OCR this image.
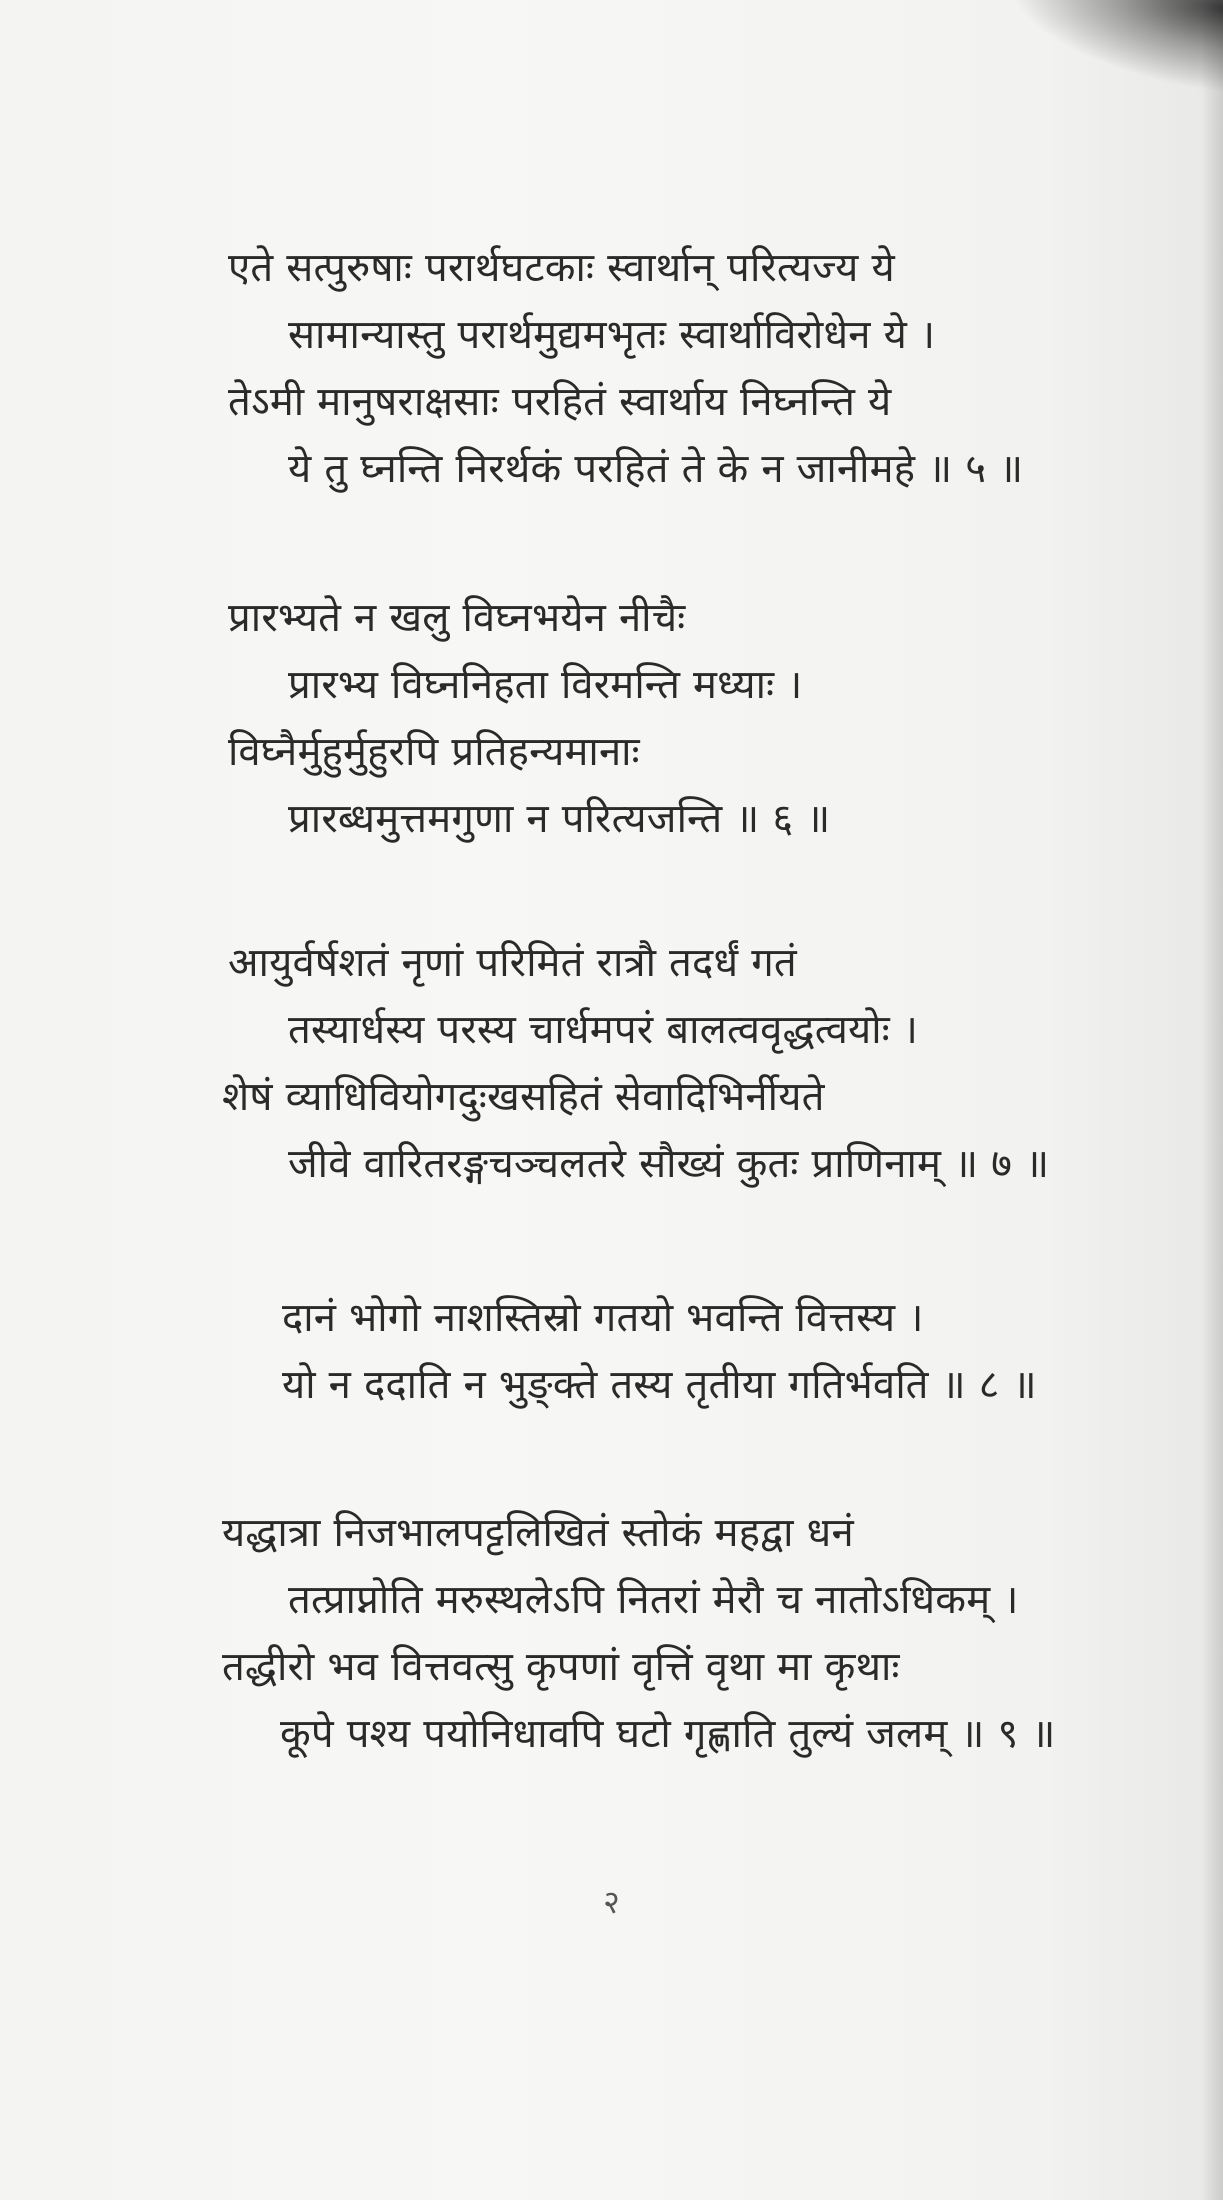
एते सत्पुरुषाः परार्थघटकाः स्वार्थान् परित्यज्य ये
सामान्यास्तु परार्थमुद्यमभृतः स्वार्थाविरोधेन ये ।
तेऽमी मानुषराक्षसाः परहितं स्वार्थाय निघ्नन्ति ये
ये तु घ्नन्ति निरर्थकं परहितं ते के न जानीमहे ॥ ५ ॥
प्रारभ्यते न खलु विघ्नभयेन नीचैः
प्रारभ्य विघ्ननिहता विरमन्ति मध्याः ।
विघ्नैर्मुहुर्मुहुरपि प्रतिहन्यमानाः
प्रारब्धमुत्तमगुणा न परित्यजन्ति ॥ ६ ॥
आयुर्वर्षशतं नृणां परिमितं रात्रौ तदर्धं गतं
तस्यार्धस्य परस्य चार्धमपरं बालत्ववृद्धत्वयोः ।
शेषं व्याधिवियोगदुःखसहितं सेवादिभिर्नीयते
जीवे वारितरङ्गचञ्चलतरे सौख्यं कुतः प्राणिनाम् ॥ ७ ॥
दानं भोगो नाशस्तिस्रो गतयो भवन्ति वित्तस्य ।
यो न ददाति न भुङ्क्ते तस्य तृतीया गतिर्भवति ॥ ८ ॥
यद्धात्रा निजभालपट्टलिखितं स्तोकं महद्वा धनं
तत्प्राप्नोति मरुस्थलेऽपि नितरां मेरौ च नातोऽधिकम् ।
तद्धीरो भव वित्तवत्सु कृपणां वृत्तिं वृथा मा कृथाः
कूपे पश्य पयोनिधावपि घटो गृह्णाति तुल्यं जलम् ॥ ९ ॥
२
